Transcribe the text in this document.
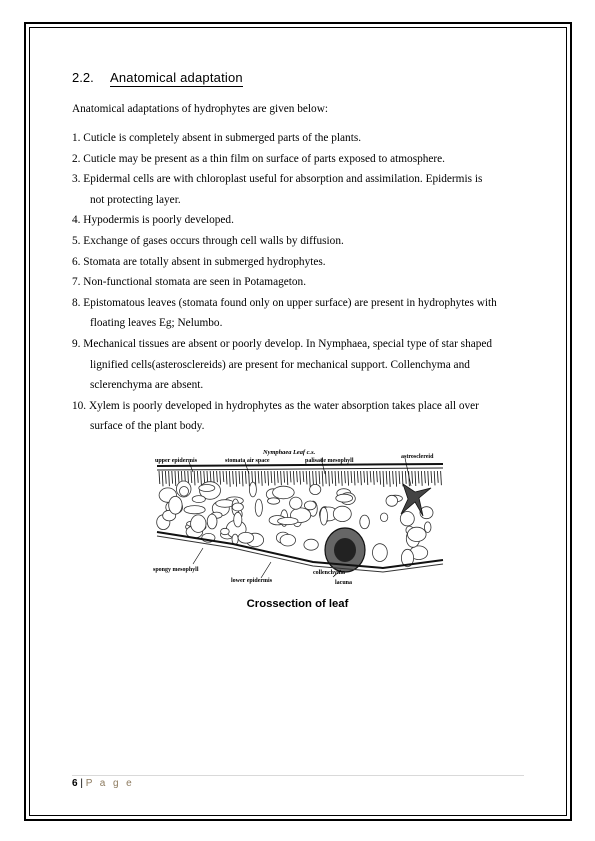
2.2. Anatomical adaptation
Anatomical adaptations of hydrophytes are given below:
1. Cuticle is completely absent in submerged parts of the plants.
2. Cuticle may be present as a thin film on surface of parts exposed to atmosphere.
3. Epidermal cells are with chloroplast useful for absorption and assimilation. Epidermis is
not protecting layer.
4. Hypodermis is poorly developed.
5. Exchange of gases occurs through cell walls by diffusion.
6. Stomata are totally absent in submerged hydrophytes.
7. Non-functional stomata are seen in Potamageton.
8. Epistomatous leaves (stomata found only on upper surface) are present in hydrophytes with
floating leaves Eg; Nelumbo.
9. Mechanical tissues are absent or poorly develop. In Nymphaea, special type of star shaped
lignified cells(asterosclereids) are present for mechanical support. Collenchyma and
sclerenchyma are absent.
10. Xylem is poorly developed in hydrophytes as the water absorption takes place all over
surface of the plant body.
Nymphaea Leaf c.s.
upper epidermis	stomata air space	palisade mesophyll
astrosclereid
spongy mesophyll
lower epidermis
collenchyma
lacuna
Crossection of leaf
6 | P a g e
